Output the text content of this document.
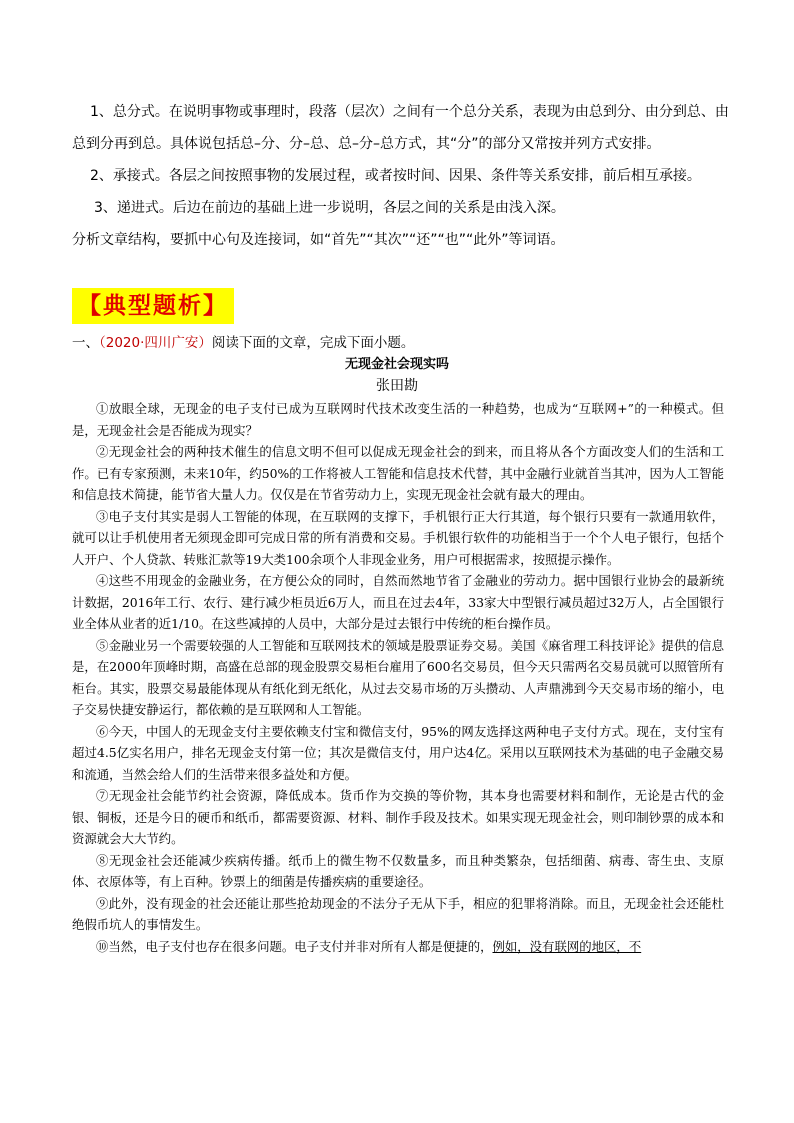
1、总分式。在说明事物或事理时，段落（层次）之间有一个总分关系，表现为由总到分、由分到总、由总到分再到总。具体说包括总–分、分–总、总–分–总方式，其“分”的部分又常按并列方式安排。

2、承接式。各层之间按照事物的发展过程，或者按时间、因果、条件等关系安排，前后相互承接。

3、递进式。后边在前边的基础上进一步说明，各层之间的关系是由浅入深。

分析文章结构，要抓中心句及连接词，如“首先”“其次”“还”“也”“此外”等词语。

【典型题析】
一、（2020·四川广安）阅读下面的文章，完成下面小题。
无现金社会现实吗
张田勘

①放眼全球，无现金的电子支付已成为互联网时代技术改变生活的一种趋势，也成为“互联网+”的一种模式。但是，无现金社会是否能成为现实？

②无现金社会的两种技术催生的信息文明不但可以促成无现金社会的到来，而且将从各个方面改变人们的生活和工作。已有专家预测，未来10年，约50%的工作将被人工智能和信息技术代替，其中金融行业就首当其冲，因为人工智能和信息技术简捷，能节省大量人力。仅仅是在节省劳动力上，实现无现金社会就有最大的理由。

③电子支付其实是弱人工智能的体现，在互联网的支撑下，手机银行正大行其道，每个银行只要有一款通用软件，就可以让手机使用者无须现金即可完成日常的所有消费和交易。手机银行软件的功能相当于一个个人电子银行，包括个人开户、个人贷款、转账汇款等19大类100余项个人非现金业务，用户可根据需求，按照提示操作。

④这些不用现金的金融业务，在方便公众的同时，自然而然地节省了金融业的劳动力。据中国银行业协会的最新统计数据，2016年工行、农行、建行减少柜员近6万人，而且在过去4年，33家大中型银行减员超过32万人，占全国银行业全体从业者的近1/10。在这些减掉的人员中，大部分是过去银行中传统的柜台操作员。

⑤金融业另一个需要较强的人工智能和互联网技术的领域是股票证券交易。美国《麻省理工科技评论》提供的信息是，在2000年顶峰时期，高盛在总部的现金股票交易柜台雇用了600名交易员，但今天只需两名交易员就可以照管所有柜台。其实，股票交易最能体现从有纸化到无纸化，从过去交易市场的万头攒动、人声鼎沸到今天交易市场的缩小，电子交易快捷安静运行，都依赖的是互联网和人工智能。

⑥今天，中国人的无现金支付主要依赖支付宝和微信支付，95%的网友选择这两种电子支付方式。现在，支付宝有超过4.5亿实名用户，排名无现金支付第一位；其次是微信支付，用户达4亿。采用以互联网技术为基础的电子金融交易和流通，当然会给人们的生活带来很多益处和方便。

⑦无现金社会能节约社会资源，降低成本。货币作为交换的等价物，其本身也需要材料和制作，无论是古代的金银、铜板，还是今日的硬币和纸币，都需要资源、材料、制作手段及技术。如果实现无现金社会，则印制钞票的成本和资源就会大大节约。

⑧无现金社会还能减少疾病传播。纸币上的微生物不仅数量多，而且种类繁杂，包括细菌、病毒、寄生虫、支原体、衣原体等，有上百种。钞票上的细菌是传播疾病的重要途径。

⑨此外，没有现金的社会还能让那些抢劫现金的不法分子无从下手，相应的犯罪将消除。而且，无现金社会还能杜绝假币坑人的事情发生。

⑩当然，电子支付也存在很多问题。电子支付并非对所有人都是便捷的，例如，没有联网的地区，不
